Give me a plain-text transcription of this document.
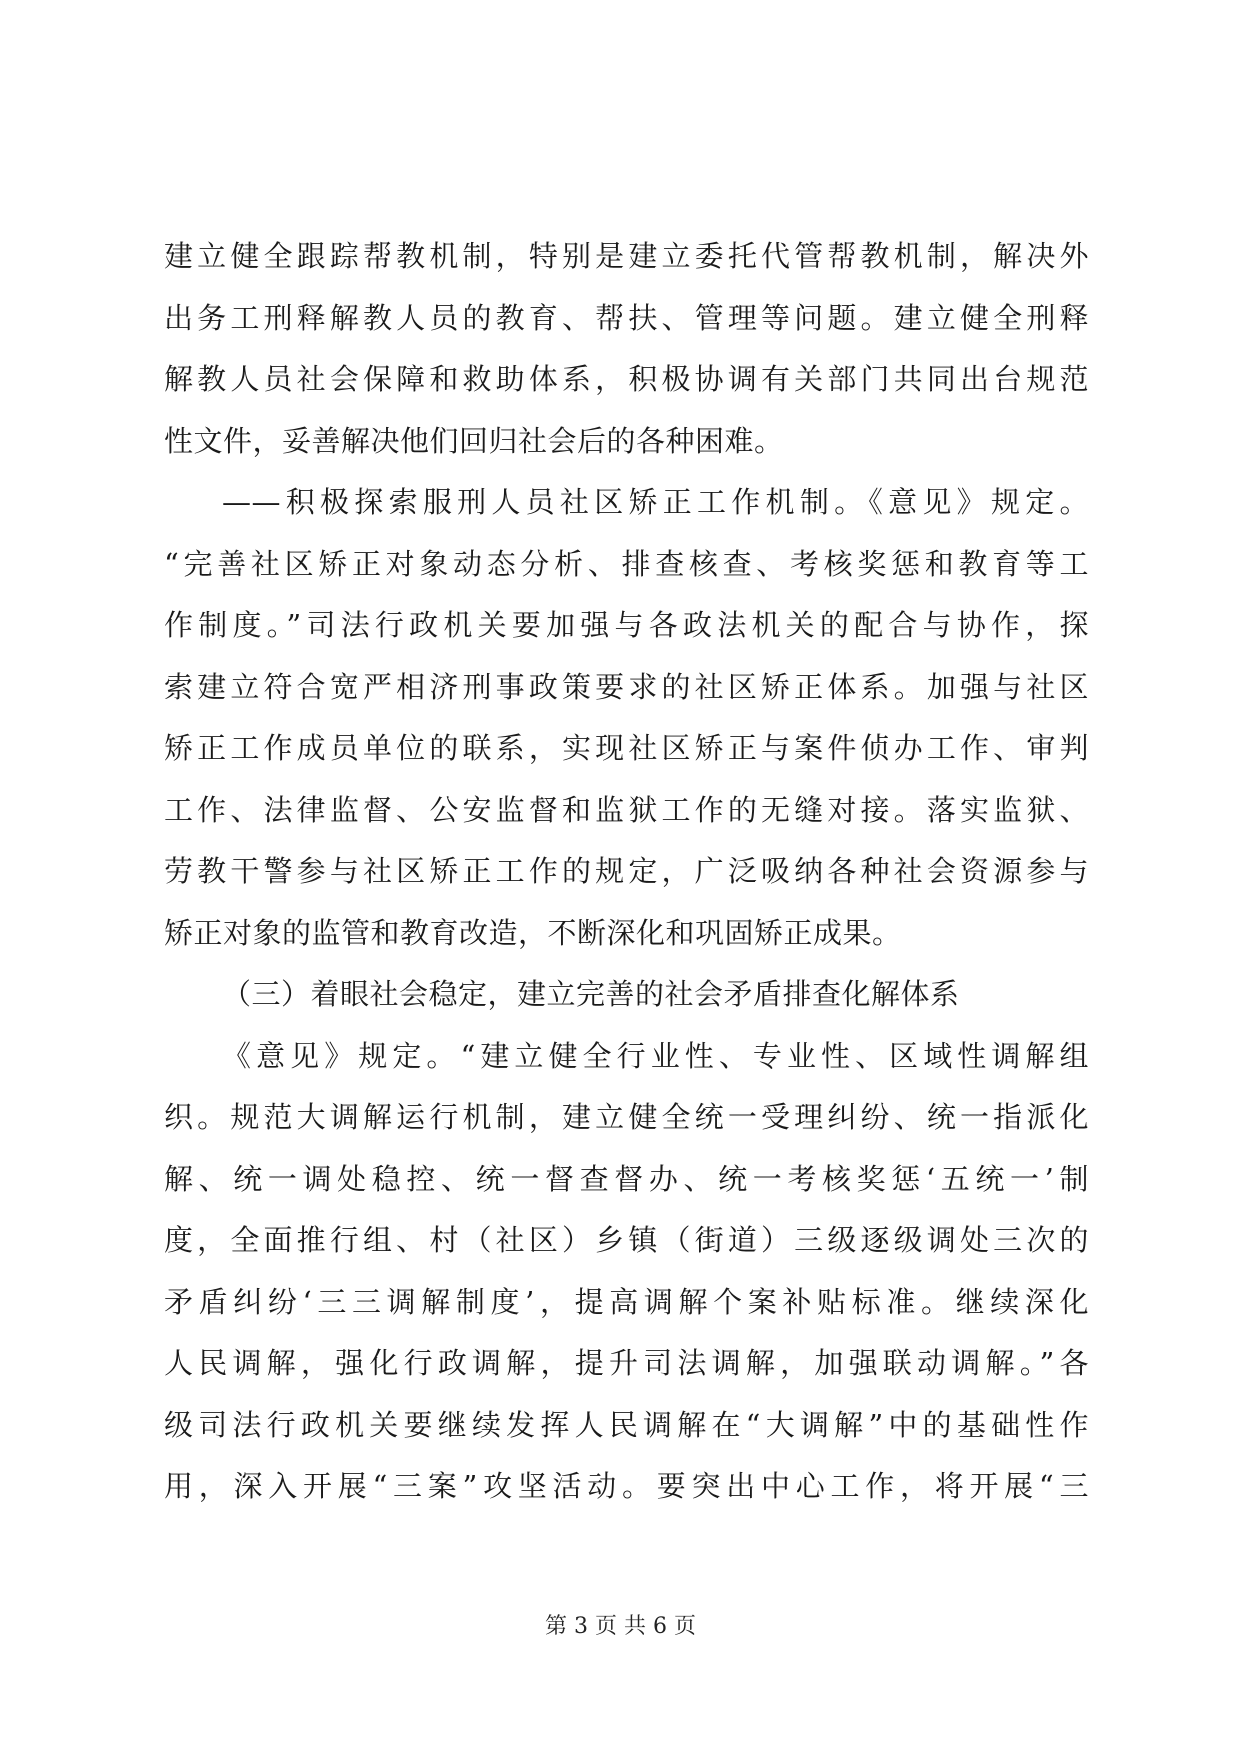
建立健全跟踪帮教机制，特别是建立委托代管帮教机制，解决外
出务工刑释解教人员的教育、帮扶、管理等问题。建立健全刑释
解教人员社会保障和救助体系，积极协调有关部门共同出台规范
性文件，妥善解决他们回归社会后的各种困难。
——积极探索服刑人员社区矫正工作机制。《意见》规定。
“完善社区矫正对象动态分析、排查核查、考核奖惩和教育等工
作制度。”司法行政机关要加强与各政法机关的配合与协作，探
索建立符合宽严相济刑事政策要求的社区矫正体系。加强与社区
矫正工作成员单位的联系，实现社区矫正与案件侦办工作、审判
工作、法律监督、公安监督和监狱工作的无缝对接。落实监狱、
劳教干警参与社区矫正工作的规定，广泛吸纳各种社会资源参与
矫正对象的监管和教育改造，不断深化和巩固矫正成果。
（三）着眼社会稳定，建立完善的社会矛盾排查化解体系
《意见》规定。“建立健全行业性、专业性、区域性调解组
织。规范大调解运行机制，建立健全统一受理纠纷、统一指派化
解、统一调处稳控、统一督查督办、统一考核奖惩‘五统一’制
度，全面推行组、村（社区）乡镇（街道）三级逐级调处三次的
矛盾纠纷‘三三调解制度’，提高调解个案补贴标准。继续深化
人民调解，强化行政调解，提升司法调解，加强联动调解。”各
级司法行政机关要继续发挥人民调解在“大调解”中的基础性作
用，深入开展“三案”攻坚活动。要突出中心工作，将开展“三
第 3 页 共 6 页
